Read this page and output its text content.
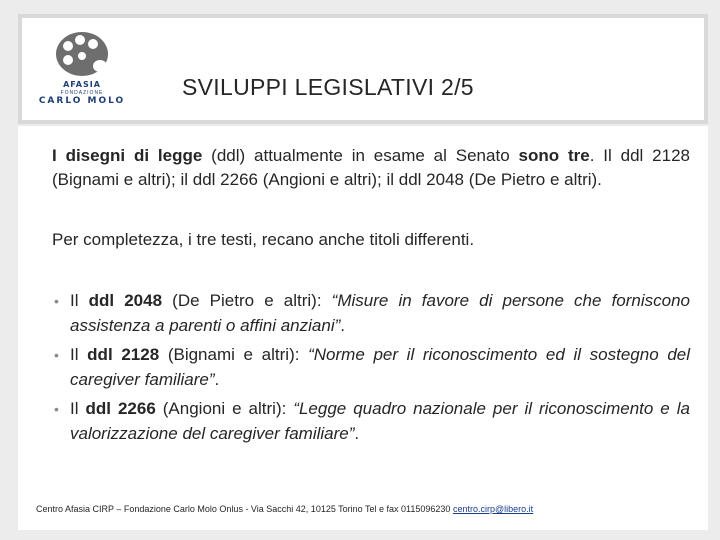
AFASIA
FONDAZIONE
CARLO MOLO
SVILUPPI LEGISLATIVI 2/5

I disegni di legge (ddl) attualmente in esame al Senato sono tre. Il ddl 2128 (Bignami e altri); il ddl 2266 (Angioni e altri); il ddl 2048 (De Pietro e altri).

Per completezza, i tre testi, recano anche titoli differenti.

• Il ddl 2048 (De Pietro e altri): “Misure in favore di persone che forniscono assistenza a parenti o affini anziani”.
• Il ddl 2128 (Bignami e altri): “Norme per il riconoscimento ed il sostegno del caregiver familiare”.
• Il ddl 2266 (Angioni e altri): “Legge quadro nazionale per il riconoscimento e la valorizzazione del caregiver familiare”.
Centro Afasia CIRP – Fondazione Carlo Molo Onlus - Via Sacchi 42, 10125 Torino Tel e fax 0115096230 centro.cirp@libero.it
